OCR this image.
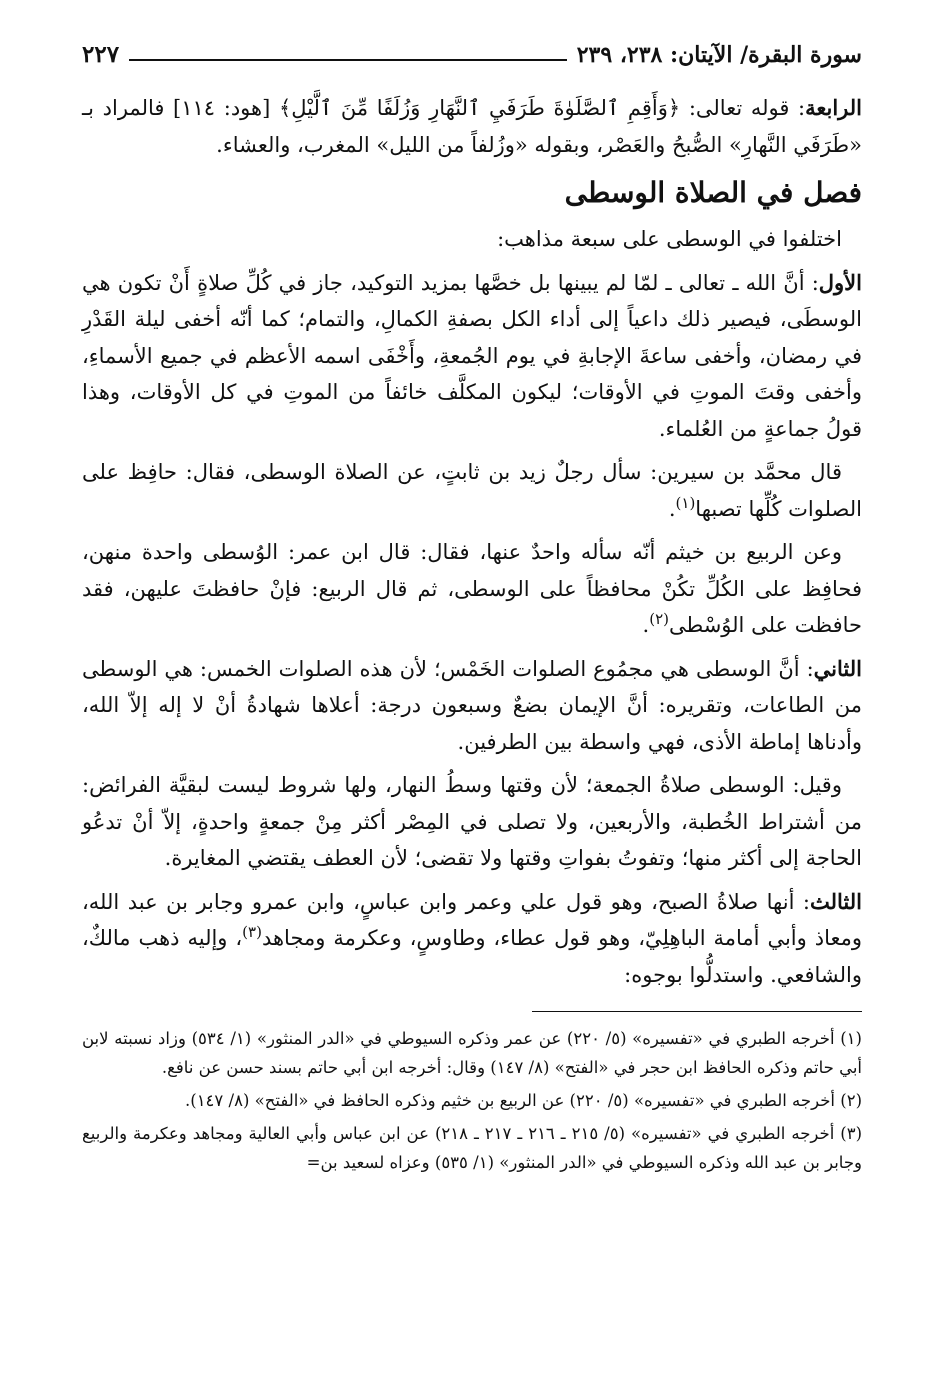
سورة البقرة/ الآيتان: ٢٣٨، ٢٣٩
٢٢٧

الرابعة: قوله تعالى: ﴿وَأَقِمِ ٱلصَّلَوٰةَ طَرَفَيِ ٱلنَّهَارِ وَزُلَفًا مِّنَ ٱلَّيْلِ﴾ [هود: ١١٤] فالمراد بـ «طَرَفَي النَّهارِ» الصُّبحُ والعَصْر، وبقوله «وزُلفاً من الليل» المغرب، والعشاء.

فصل في الصلاة الوسطى

اختلفوا في الوسطى على سبعة مذاهب:

الأول: أنَّ الله ـ تعالى ـ لمّا لم يبينها بل خصَّها بمزيد التوكيد، جاز في كُلِّ صلاةٍ أَنْ تكون هي الوسطَى، فيصير ذلك داعياً إلى أداء الكل بصفةِ الكمالِ، والتمام؛ كما أنّه أخفى ليلة القَدْرِ في رمضان، وأخفى ساعةَ الإجابةِ في يوم الجُمعةِ، وأَخْفَى اسمه الأعظم في جميع الأسماءِ، وأخفى وقتَ الموتِ في الأوقات؛ ليكون المكلَّف خائفاً من الموتِ في كل الأوقات، وهذا قولُ جماعةٍ من العُلماء.

قال محمَّد بن سيرين: سأل رجلٌ زيد بن ثابتٍ، عن الصلاة الوسطى، فقال: حافِظ على الصلوات كُلِّها تصبها$^{(١)}$.

وعن الربيع بن خيثم أنّه سأله واحدٌ عنها، فقال: قال ابن عمر: الوُسطى واحدة منهن، فحافِظ على الكُلِّ تكُنْ محافظاً على الوسطى، ثم قال الربيع: فإنْ حافظتَ عليهن، فقد حافظت على الوُسْطى$^{(٢)}$.

الثاني: أنَّ الوسطى هي مجمُوع الصلوات الخَمْس؛ لأن هذه الصلوات الخمس: هي الوسطى من الطاعات، وتقريره: أنَّ الإيمان بضعٌ وسبعون درجة: أعلاها شهادةُ أنْ لا إله إلاّ الله، وأدناها إماطة الأذى، فهي واسطة بين الطرفين.

وقيل: الوسطى صلاةُ الجمعة؛ لأن وقتها وسطُ النهار، ولها شروط ليست لبقيَّة الفرائض: من أشتراط الخُطبة، والأربعين، ولا تصلى في المِصْر أكثر مِنْ جمعةٍ واحدةٍ، إلاّ أنْ تدعُو الحاجة إلى أكثر منها؛ وتفوتُ بفواتِ وقتها ولا تقضى؛ لأن العطف يقتضي المغايرة.

الثالث: أنها صلاةُ الصبح، وهو قول علي وعمر وابن عباسٍ، وابن عمرو وجابر بن عبد الله، ومعاذ وأبي أمامة الباهِلِيّ، وهو قول عطاء، وطاوسٍ، وعكرمة ومجاهد$^{(٣)}$، وإليه ذهب مالكٌ، والشافعي. واستدلُّوا بوجوه:

(١) أخرجه الطبري في «تفسيره» (٥/ ٢٢٠) عن عمر وذكره السيوطي في «الدر المنثور» (١/ ٥٣٤) وزاد نسبته لابن أبي حاتم وذكره الحافظ ابن حجر في «الفتح» (٨/ ١٤٧) وقال: أخرجه ابن أبي حاتم بسند حسن عن نافع.

(٢) أخرجه الطبري في «تفسيره» (٥/ ٢٢٠) عن الربيع بن خثيم وذكره الحافظ في «الفتح» (٨/ ١٤٧).

(٣) أخرجه الطبري في «تفسيره» (٥/ ٢١٥ ـ ٢١٦ ـ ٢١٧ ـ ٢١٨) عن ابن عباس وأبي العالية ومجاهد وعكرمة والربيع وجابر بن عبد الله وذكره السيوطي في «الدر المنثور» (١/ ٥٣٥) وعزاه لسعيد بن=
